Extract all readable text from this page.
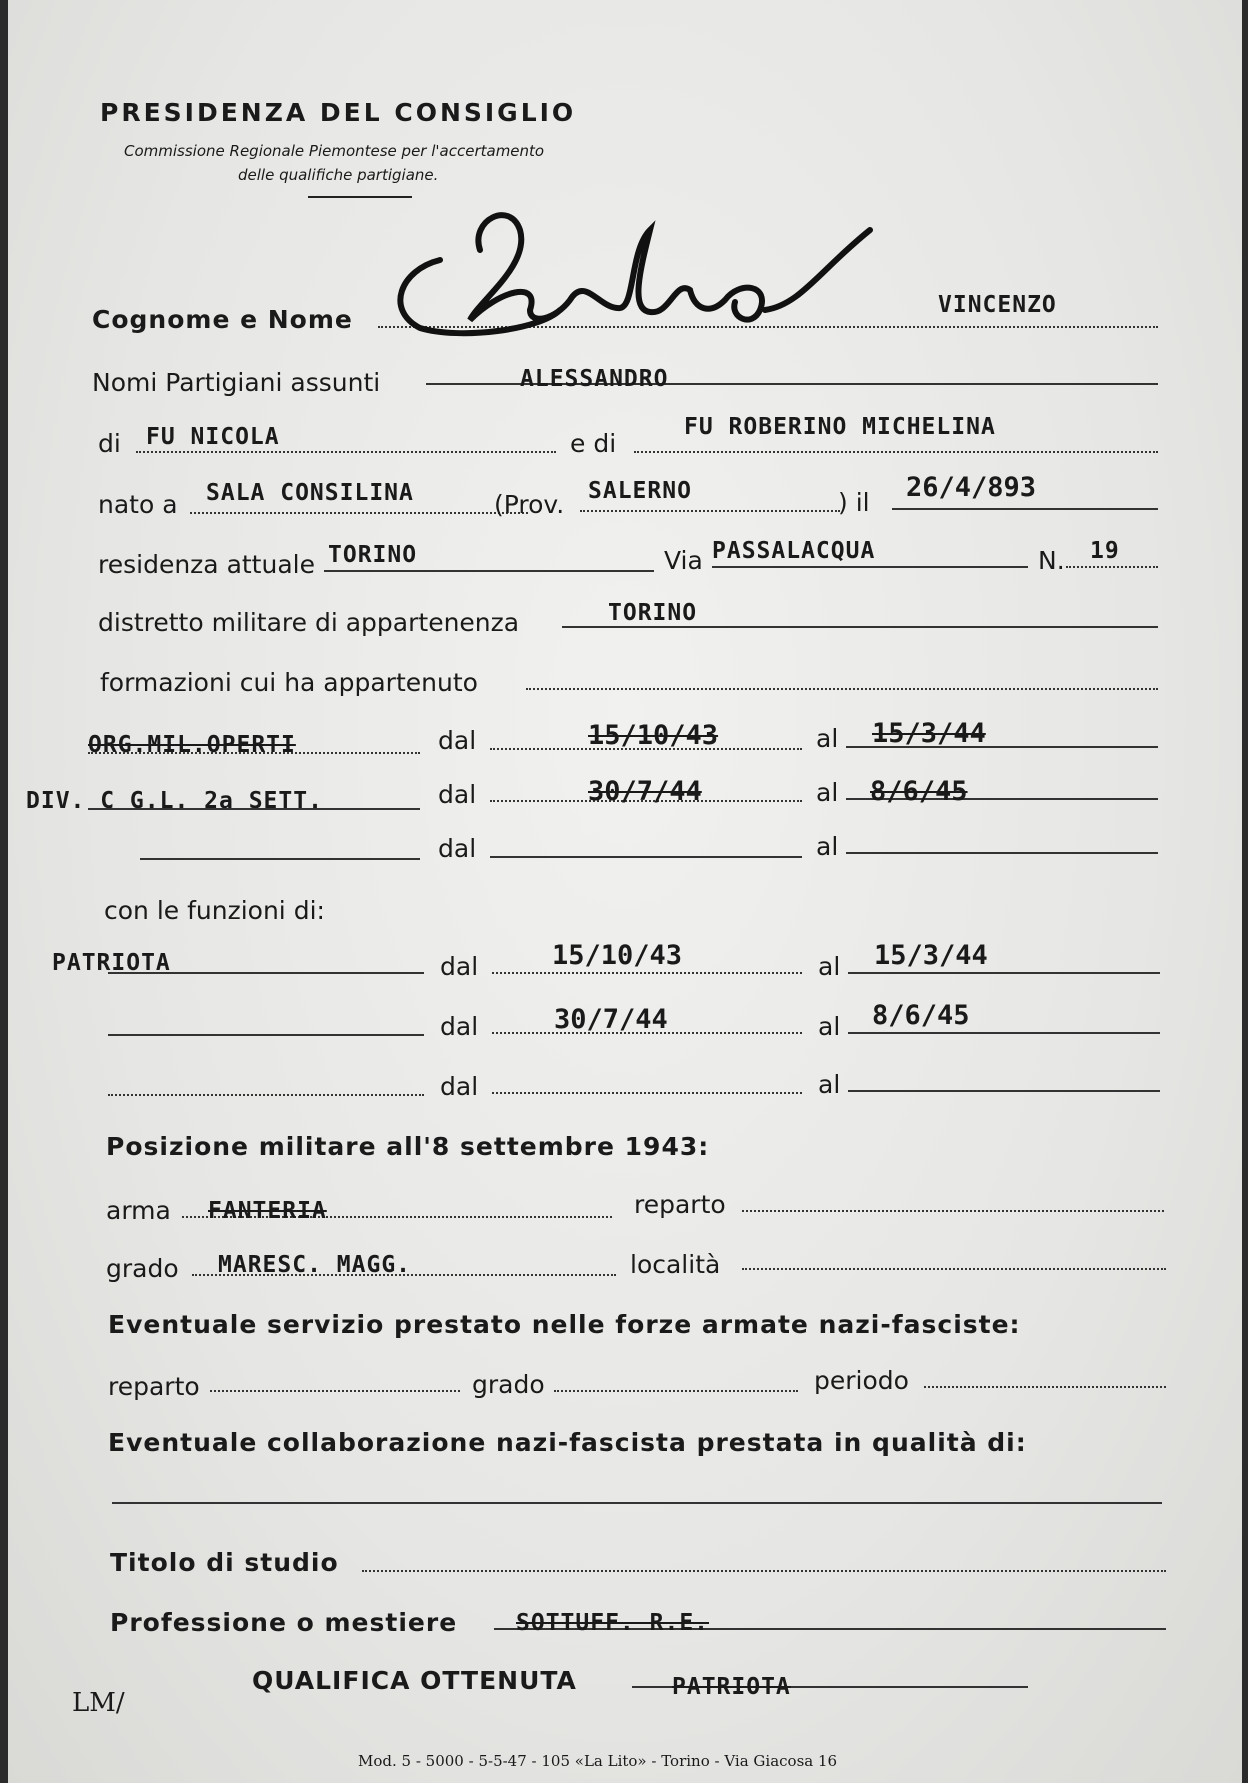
PRESIDENZA DEL CONSIGLIO
Commissione Regionale Piemontese per l'accertamento
delle qualifiche partigiane.
Cognome e Nome	VINCENZO
Nomi Partigiani assunti	ALESSANDRO
di FU NICOLA	e di
FU ROBERINO MICHELINA
nato a SALA CONSILINA	(Prov. SALERNO	) il 26/4/893
residenza attuale TORINO	Via PASSALACQUA	N. 19
distretto militare di appartenenza	TORINO
formazioni cui ha appartenuto
ORG.MIL.OPERTI	dal	15/10/43	al 15/3/44
DIV. C G.L. 2a SETT.	dal	30/7/44	al 8/6/45
dal	al
con le funzioni di:
PATRIOTA	dal	15/10/43	al 15/3/44
dal	30/7/44	al 8/6/45
dal	al
Posizione militare all'8 settembre 1943:
arma FANTERIA	reparto
grado MARESC. MAGG.	località
Eventuale servizio prestato nelle forze armate nazi-fasciste:
reparto	grado	periodo
Eventuale collaborazione nazi-fascista prestata in qualità di:
Titolo di studio
Professione o mestiere	SOTTUFF. R.E.
QUALIFICA OTTENUTA	PATRIOTA
LM/
Mod. 5 - 5000 - 5-5-47 - 105 «La Lito» - Torino - Via Giacosa 16
